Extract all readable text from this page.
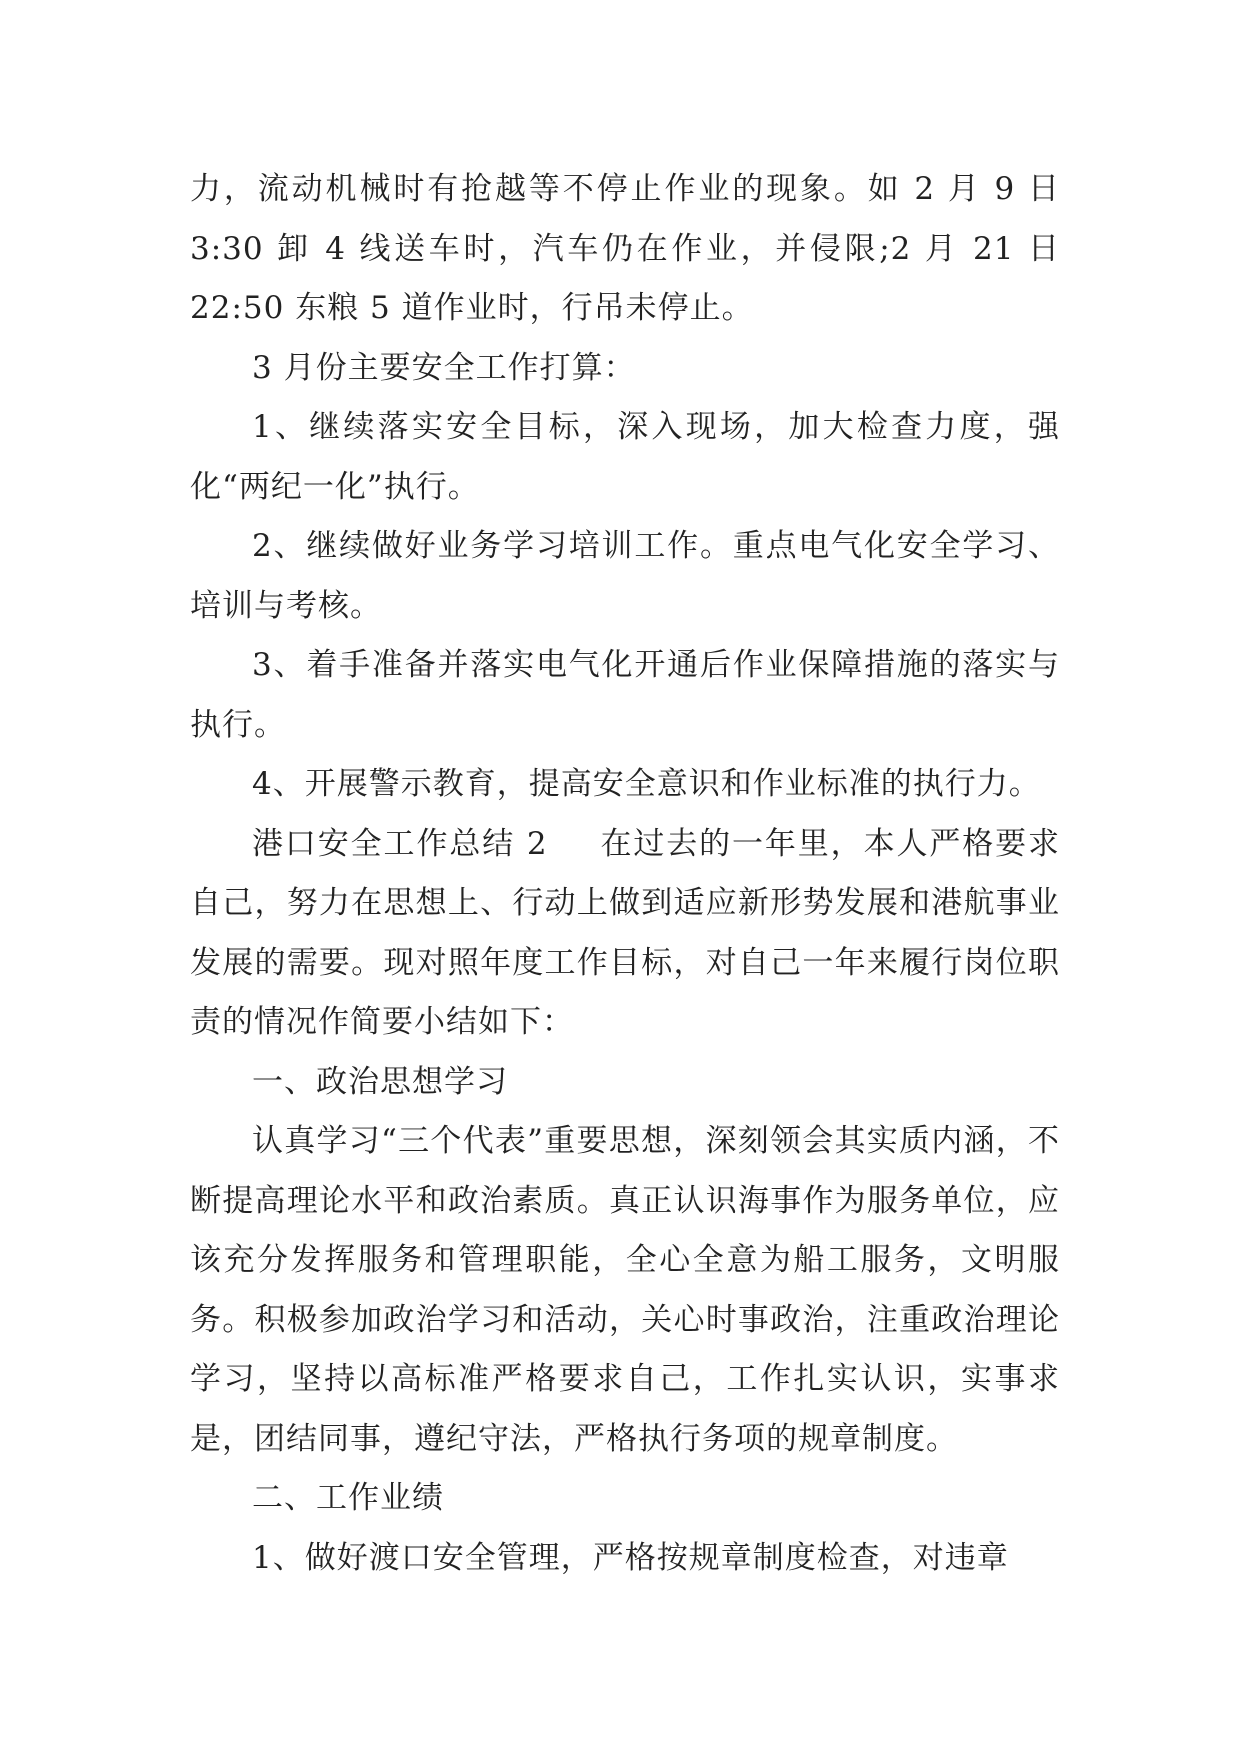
力，流动机械时有抢越等不停止作业的现象。如 2 月 9 日 3:30 卸 4 线送车时，汽车仍在作业，并侵限;2 月 21 日 22:50 东粮 5 道作业时，行吊未停止。

3 月份主要安全工作打算：

1、继续落实安全目标，深入现场，加大检查力度，强化“两纪一化”执行。

2、继续做好业务学习培训工作。重点电气化安全学习、培训与考核。

3、着手准备并落实电气化开通后作业保障措施的落实与执行。

4、开展警示教育，提高安全意识和作业标准的执行力。

港口安全工作总结 2 在过去的一年里，本人严格要求自己，努力在思想上、行动上做到适应新形势发展和港航事业发展的需要。现对照年度工作目标，对自己一年来履行岗位职责的情况作简要小结如下：

一、政治思想学习

认真学习“三个代表”重要思想，深刻领会其实质内涵，不断提高理论水平和政治素质。真正认识海事作为服务单位，应该充分发挥服务和管理职能，全心全意为船工服务，文明服务。积极参加政治学习和活动，关心时事政治，注重政治理论学习，坚持以高标准严格要求自己，工作扎实认识，实事求是，团结同事，遵纪守法，严格执行务项的规章制度。

二、工作业绩

1、做好渡口安全管理，严格按规章制度检查，对违章
